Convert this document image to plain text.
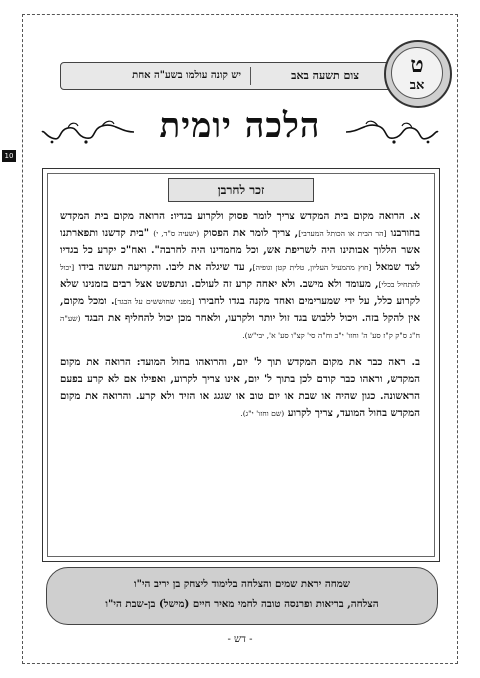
10
צום תשעה באב
יש קונה עולמו בשע"ה אחת	ט
אב
הלכה יומית
זכר לחרבן

א. הרואה מקום בית המקדש צריך לומר פסוק ולקרוע בגדיו: הרואה מקום בית המקדש בחורבנו [הר הבית או הכותל המערבי], צריך לומר את הפסוק (ישעיה ס"ד, י) "בית קדשנו ותפארתנו אשר הללוך אבותינו היה לשריפת אש, וכל מחמדינו היה לחרבה". ואח"כ יקרע כל בגדיו לצד שמאל [חוץ מהמעיל העליון, טלית קטן וגופיה], עד שיגלה את ליבו. והקריעה תעשה בידו [יכול להתחיל בכלי], מעומד ולא מישב. ולא יאחה קרע זה לעולם. ונתפשט אצל רבים בזמנינו שלא לקרוע כלל, על ידי שמערימים ואחד מקנה בגדו לחבירו [מפני שחוששים על הבגד]. ומכל מקום, אין להקל בזה. ויכול ללבוש בגד זול יותר ולקרעו, ולאחר מכן יכול להחליף את הבגד (שע"ה ח"ג ס"ק ק"ז סע' ה' וחזו' י"ב וח"ה סי' קצ"ו סע' א', יבי"ש).

ב. ראה כבר את מקום המקדש תוך ל' יום, והרואהו בחול המועד: הרואה את מקום המקדש, וראהו כבר קודם לכן בתוך ל' יום, אינו צריך לקרוע, ואפילו אם לא קרע בפעם הראשונה. כגון שהיה או שבת או יום טוב או שגגג או הזיד ולא קרע. והרואה את מקום המקדש בחול המועד, צריך לקרוע (שם וחזו' י"ג).

שמחה יראת שמים והצלחה בלימוד ליצחק בן יריב הי"ו
הצלחה, בריאות ופרנסה טובה לחמי מאיר חיים (מישל) בן-שבת הי"ו
- דש -
